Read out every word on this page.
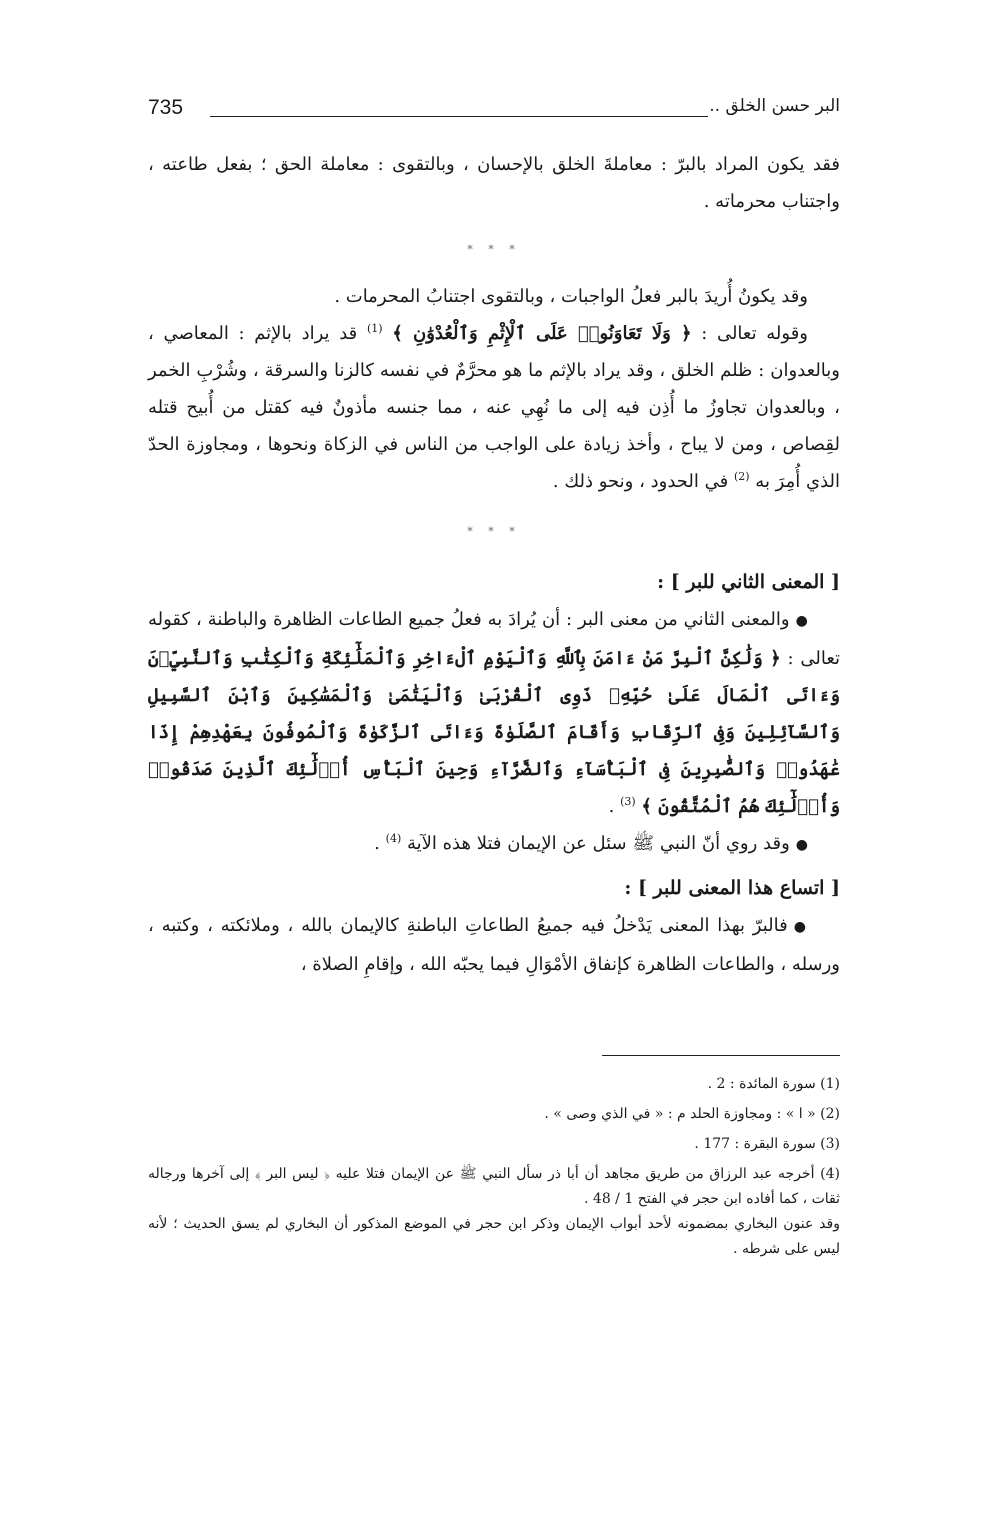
735	البر حسن الخلق ..

فقد يكون المراد بالبرّ : معاملةَ الخلق بالإحسان ، وبالتقوى : معاملة الحق ؛ بفعل طاعته ، واجتناب محرماته .

* * *

وقد يكونُ أُريدَ بالبر فعلُ الواجبات ، وبالتقوى اجتنابُ المحرمات .

وقوله تعالى : ﴿ وَلَا تَعَاوَنُوا۟ عَلَى ٱلْإِثْمِ وَٱلْعُدْوَٰنِ ﴾ $^{(1)}$ قد يراد بالإثم : المعاصي ، وبالعدوان : ظلم الخلق ، وقد يراد بالإثم ما هو محرَّمٌ في نفسه كالزنا والسرقة ، وشُرْبِ الخمر ، وبالعدوان تجاوزُ ما أُذِن فيه إلى ما نُهِي عنه ، مما جنسه مأذونٌ فيه كقتل من أُبيح قتله لقِصاص ، ومن لا يباح ، وأخذ زيادة على الواجب من الناس في الزكاة ونحوها ، ومجاوزة الحدّ الذي أُمِرَ به $^{(2)}$ في الحدود ، ونحو ذلك .

* * *

[ المعنى الثاني للبر ] :

●والمعنى الثاني من معنى البر : أن يُرادَ به فعلُ جميع الطاعات الظاهرة والباطنة ، كقوله تعالى : ﴿ وَلَٰكِنَّ ٱلْبِرَّ مَنْ ءَامَنَ بِٱللَّهِ وَٱلْيَوْمِ ٱلْءَاخِرِ وَٱلْمَلَٰٓئِكَةِ وَٱلْكِتَٰبِ وَٱلنَّبِيِّۦنَ وَءَاتَى ٱلْمَالَ عَلَىٰ حُبِّهِۦ ذَوِى ٱلْقُرْبَىٰ وَٱلْيَتَٰمَىٰ وَٱلْمَسَٰكِينَ وَٱبْنَ ٱلسَّبِيلِ وَٱلسَّآئِلِينَ وَفِى ٱلرِّقَابِ وَأَقَامَ ٱلصَّلَوٰةَ وَءَاتَى ٱلزَّكَوٰةَ وَٱلْمُوفُونَ بِعَهْدِهِمْ إِذَا عَٰهَدُوا۟ وَٱلصَّٰبِرِينَ فِى ٱلْبَأْسَآءِ وَٱلضَّرَّآءِ وَحِينَ ٱلْبَأْسِ أُو۟لَٰٓئِكَ ٱلَّذِينَ صَدَقُوا۟ وَأُو۟لَٰٓئِكَ هُمُ ٱلْمُتَّقُونَ ﴾ $^{(3)}$ .

●وقد روي أنّ النبي ﷺ سئل عن الإيمان فتلا هذه الآية $^{(4)}$ .

[ اتساع هذا المعنى للبر ] :

●فالبرّ بهذا المعنى يَدْخلُ فيه جميعُ الطاعاتِ الباطنةِ كالإيمان بالله ، وملائكته ، وكتبه ، ورسله ، والطاعات الظاهرة كإنفاق الأمْوَالِ فيما يحبّه الله ، وإقامِ الصلاة ،

(1) سورة المائدة : 2 .

(2) « ا » : ومجاوزة الحلد م : « في الذي وصى » .

(3) سورة البقرة : 177 .

(4) أخرجه عبد الرزاق من طريق مجاهد أن أبا ذر سأل النبي ﷺ عن الإيمان فتلا عليه ﴿ ليس البر ﴾ إلى آخرها ورجاله ثقات ، كما أفاده ابن حجر في الفتح 1 / 48 .

وقد عنون البخاري بمضمونه لأحد أبواب الإيمان وذكر ابن حجر في الموضع المذكور أن البخاري لم يسق الحديث ؛ لأنه ليس على شرطه .
